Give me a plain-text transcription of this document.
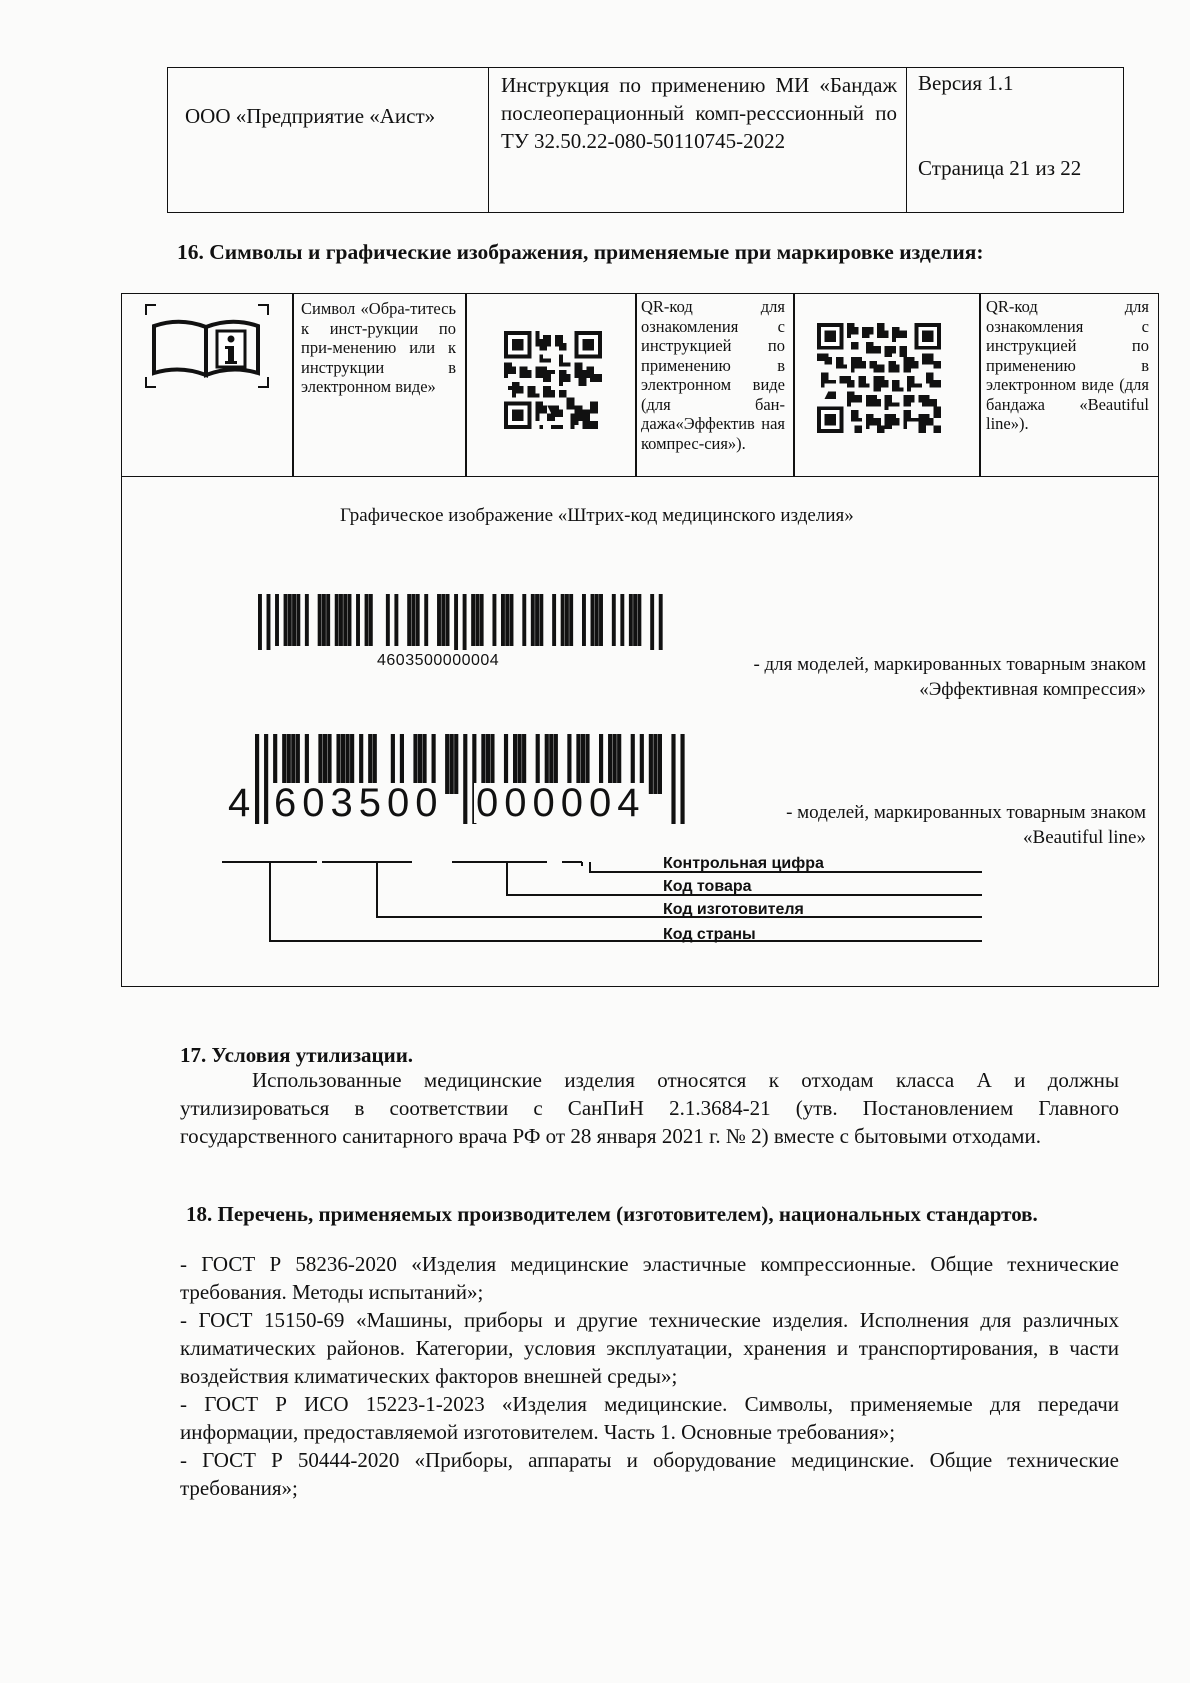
ООО «Предприятие «Аист»
Инструкция по применению МИ «Бандаж послеоперационный комп-ресссионный по ТУ 32.50.22-080-50110745-2022
Версия 1.1
Страница 21 из 22
16. Символы и графические изображения, применяемые при маркировке изделия:
Символ «Обра-титесь к инст-рукции по при-менению или к инструкции в электронном виде»
QR-код для ознакомления с инструкцией по применению в электронном виде (для бан-дажа«Эффектив ная компрес-сия»).
QR-код для ознакомления с инструкцией по применению в электронном виде (для бандажа «Beautiful line»).
Графическое изображение «Штрих-код медицинского изделия»
4603500000004	- для моделей, маркированных товарным знаком
«Эффективная компрессия»
4 603500 000004	- моделей, маркированных товарным знаком
«Beautiful line»
Контрольная цифра
Код товара
Код изготовителя
Код страны
17. Условия утилизации.
Использованные медицинские изделия относятся к отходам класса А и должны утилизироваться в соответствии с СанПиН 2.1.3684-21 (утв. Постановлением Главного государственного санитарного врача РФ от 28 января 2021 г. № 2) вместе с бытовыми отходами.
18. Перечень, применяемых производителем (изготовителем), национальных стандартов.
- ГОСТ Р 58236-2020 «Изделия медицинские эластичные компрессионные. Общие технические требования. Методы испытаний»;
- ГОСТ 15150-69 «Машины, приборы и другие технические изделия. Исполнения для различных климатических районов. Категории, условия эксплуатации, хранения и транспортирования, в части воздействия климатических факторов внешней среды»;
- ГОСТ Р ИСО 15223-1-2023 «Изделия медицинские. Символы, применяемые для передачи информации, предоставляемой изготовителем. Часть 1. Основные требования»;
- ГОСТ Р 50444-2020 «Приборы, аппараты и оборудование медицинские. Общие технические требования»;
